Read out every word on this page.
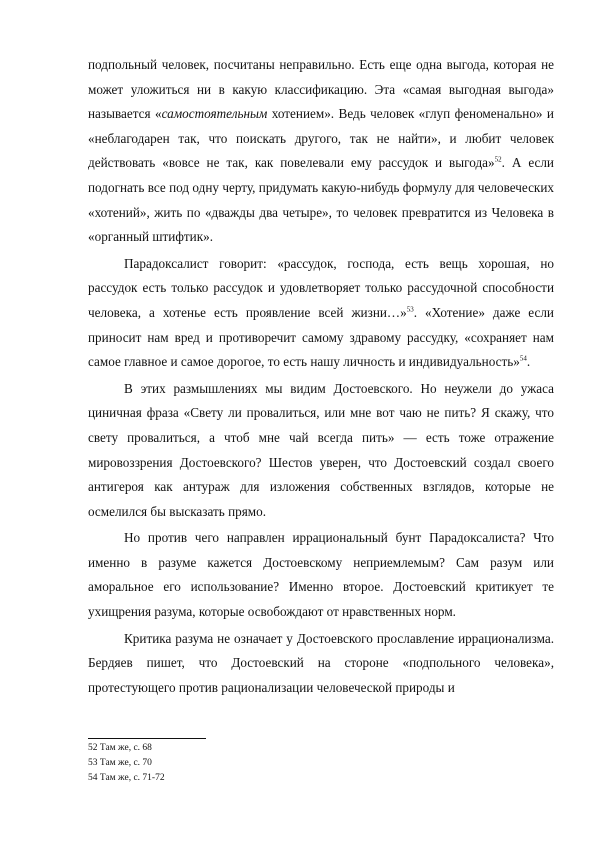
подпольный человек, посчитаны неправильно. Есть еще одна выгода, которая не может уложиться ни в какую классификацию. Эта «самая выгодная выгода» называется «самостоятельным хотением». Ведь человек «глуп феноменально» и «неблагодарен так, что поискать другого, так не найти», и любит человек действовать «вовсе не так, как повелевали ему рассудок и выгода»$^{52}$. А если подогнать все под одну черту, придумать какую-нибудь формулу для человеческих «хотений», жить по «дважды два четыре», то человек превратится из Человека в «органный штифтик».

Парадоксалист говорит: «рассудок, господа, есть вещь хорошая, но рассудок есть только рассудок и удовлетворяет только рассудочной способности человека, а хотенье есть проявление всей жизни…»$^{53}$. «Хотение» даже если приносит нам вред и противоречит самому здравому рассудку, «сохраняет нам самое главное и самое дорогое, то есть нашу личность и индивидуальность»$^{54}$.

В этих размышлениях мы видим Достоевского. Но неужели до ужаса циничная фраза «Свету ли провалиться, или мне вот чаю не пить? Я скажу, что свету провалиться, а чтоб мне чай всегда пить» — есть тоже отражение мировоззрения Достоевского? Шестов уверен, что Достоевский создал своего антигероя как антураж для изложения собственных взглядов, которые не осмелился бы высказать прямо.

Но против чего направлен иррациональный бунт Парадоксалиста? Что именно в разуме кажется Достоевскому неприемлемым? Сам разум или аморальное его использование? Именно второе. Достоевский критикует те ухищрения разума, которые освобождают от нравственных норм.

Критика разума не означает у Достоевского прославление иррационализма. Бердяев пишет, что Достоевский на стороне «подпольного человека», протестующего против рационализации человеческой природы и

52 Там же, с. 68

53 Там же, с. 70

54 Там же, с. 71-72
